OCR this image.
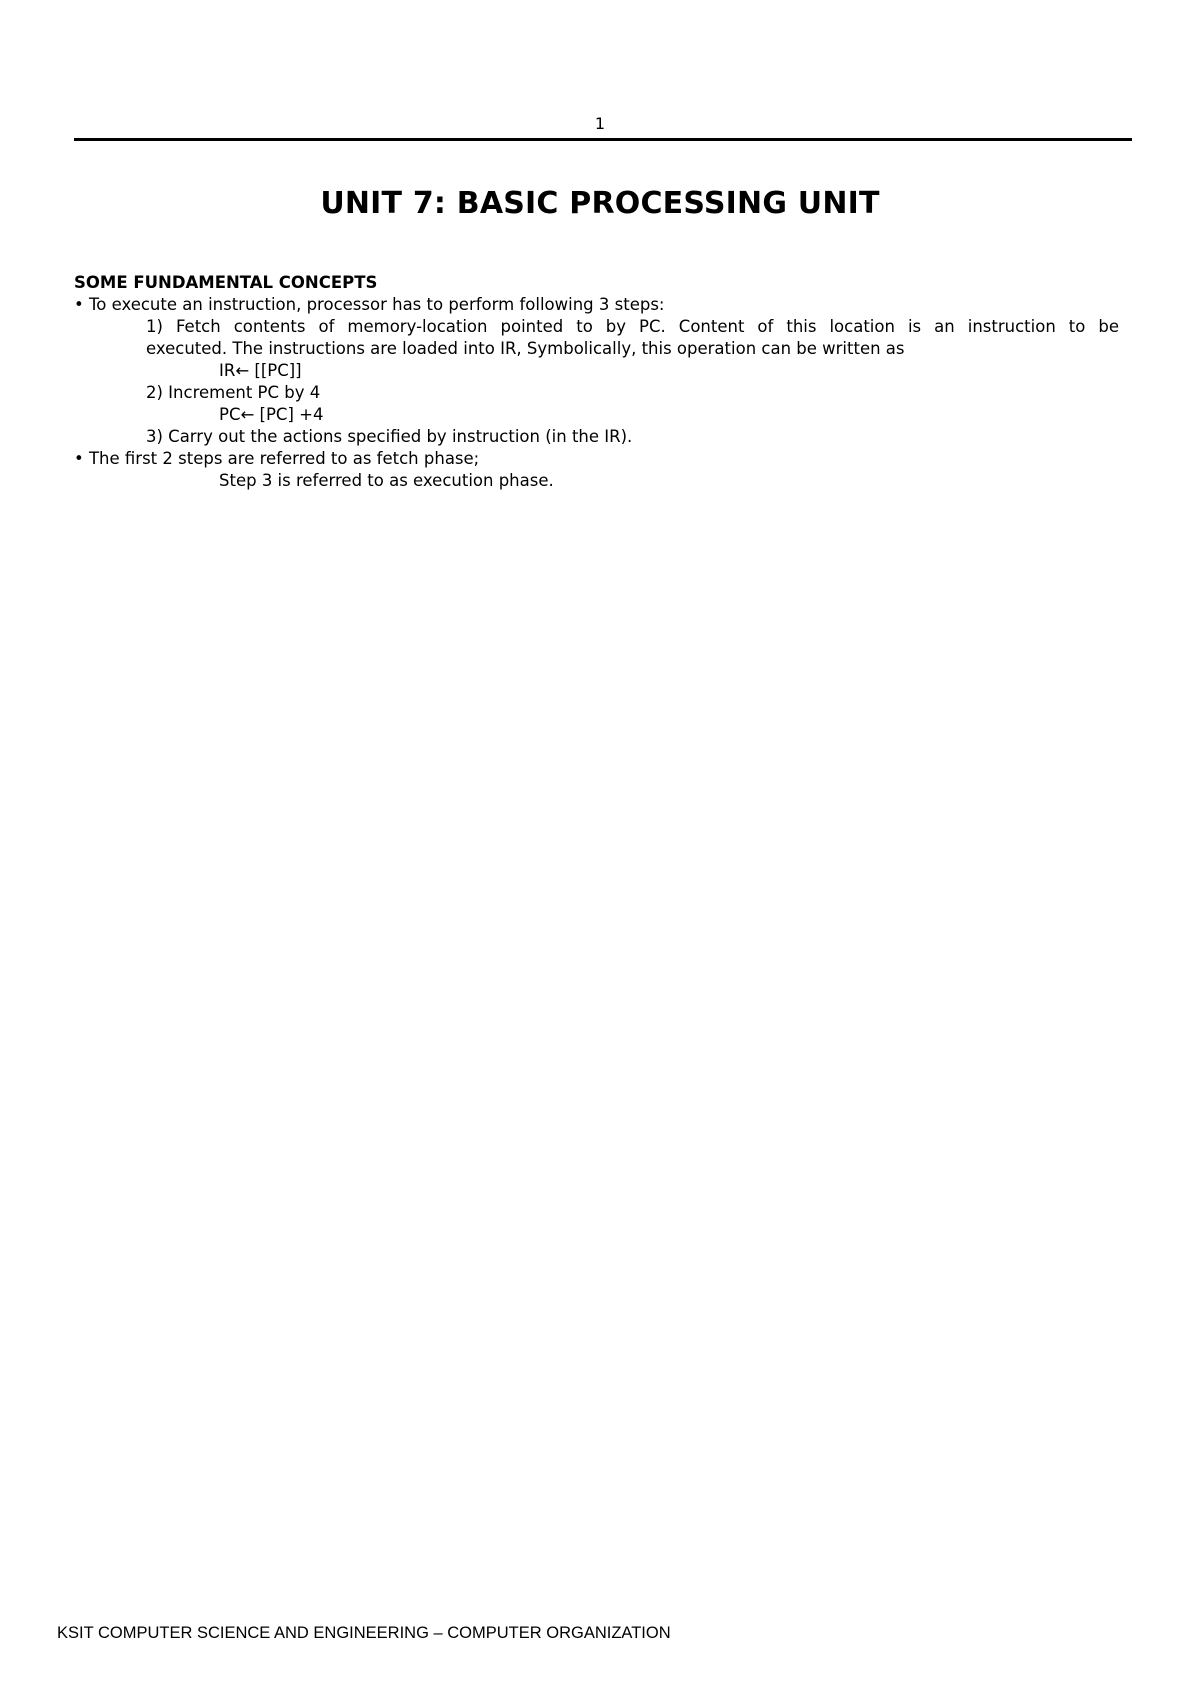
1
UNIT 7: BASIC PROCESSING UNIT

SOME FUNDAMENTAL CONCEPTS

• To execute an instruction, processor has to perform following 3 steps:

1) Fetch contents of memory-location pointed to by PC. Content of this location is an instruction to be

executed. The instructions are loaded into IR, Symbolically, this operation can be written as

IR← [[PC]]

2) Increment PC by 4

PC← [PC] +4

3) Carry out the actions specified by instruction (in the IR).

• The first 2 steps are referred to as fetch phase;

Step 3 is referred to as execution phase.

KSIT COMPUTER SCIENCE AND ENGINEERING – COMPUTER ORGANIZATION
